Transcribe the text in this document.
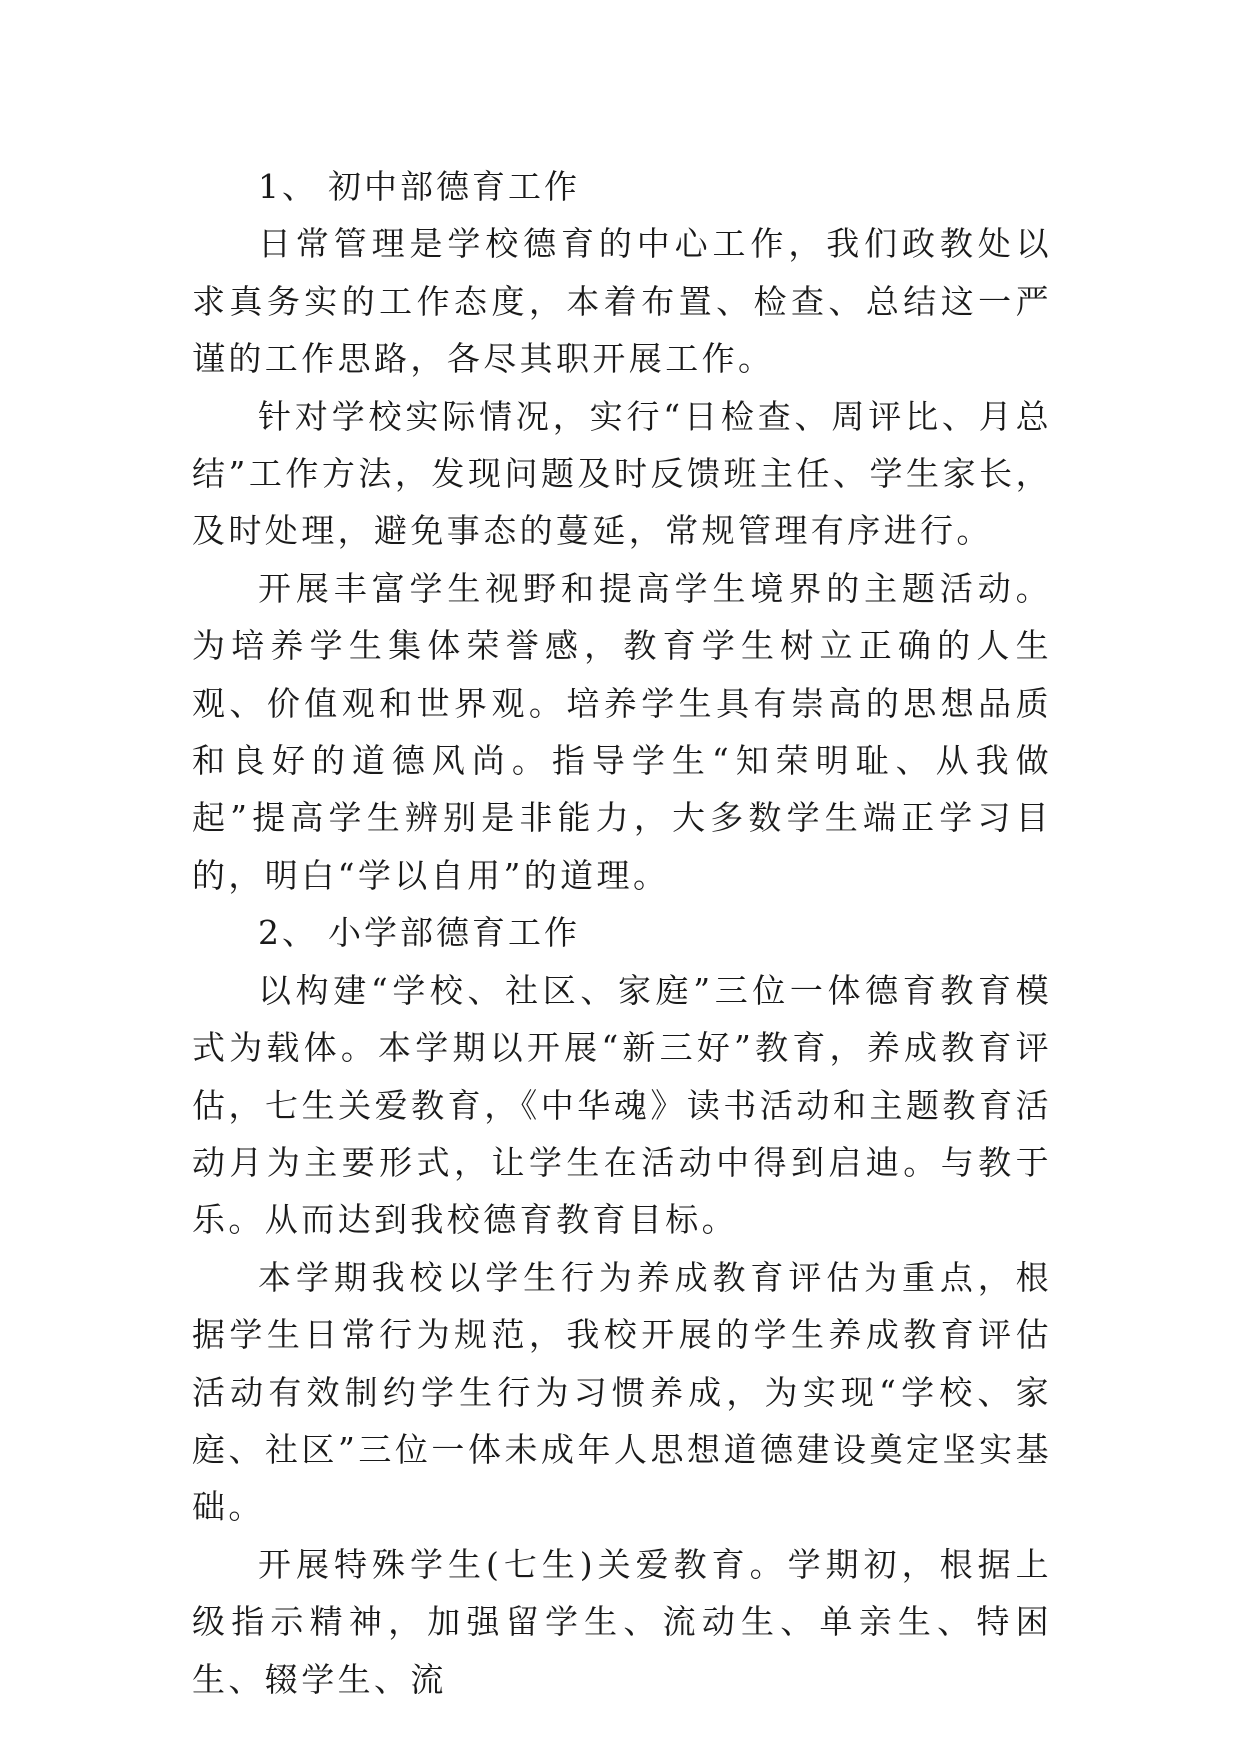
1、 初中部德育工作

日常管理是学校德育的中心工作，我们政教处以求真务实的工作态度，本着布置、检查、总结这一严谨的工作思路，各尽其职开展工作。

针对学校实际情况，实行“日检查、周评比、月总结”工作方法，发现问题及时反馈班主任、学生家长，及时处理，避免事态的蔓延，常规管理有序进行。

开展丰富学生视野和提高学生境界的主题活动。为培养学生集体荣誉感，教育学生树立正确的人生观、价值观和世界观。培养学生具有崇高的思想品质和良好的道德风尚。指导学生“知荣明耻、从我做起”提高学生辨别是非能力，大多数学生端正学习目的，明白“学以自用”的道理。

2、 小学部德育工作

以构建“学校、社区、家庭”三位一体德育教育模式为载体。本学期以开展“新三好”教育，养成教育评估，七生关爱教育，《中华魂》读书活动和主题教育活动月为主要形式，让学生在活动中得到启迪。与教于乐。从而达到我校德育教育目标。

本学期我校以学生行为养成教育评估为重点，根据学生日常行为规范，我校开展的学生养成教育评估活动有效制约学生行为习惯养成，为实现“学校、家庭、社区”三位一体未成年人思想道德建设奠定坚实基础。

开展特殊学生(七生)关爱教育。学期初，根据上级指示精神，加强留学生、流动生、单亲生、特困生、辍学生、流
